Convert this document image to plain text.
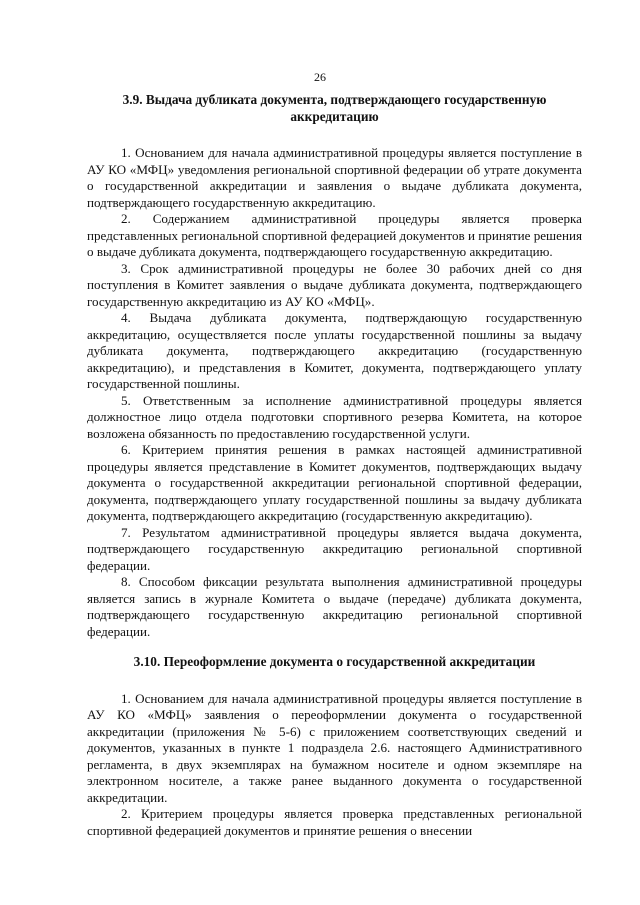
26

3.9. Выдача дубликата документа, подтверждающего государственную аккредитацию

1. Основанием для начала административной процедуры является поступление в АУ КО «МФЦ» уведомления региональной спортивной федерации об утрате документа о государственной аккредитации и заявления о выдаче дубликата документа, подтверждающего государственную аккредитацию.

2. Содержанием административной процедуры является проверка представленных региональной спортивной федерацией документов и принятие решения о выдаче дубликата документа, подтверждающего государственную аккредитацию.

3. Срок административной процедуры не более 30 рабочих дней со дня поступления в Комитет заявления о выдаче дубликата документа, подтверждающего государственную аккредитацию из АУ КО «МФЦ».

4. Выдача дубликата документа, подтверждающую государственную аккредитацию, осуществляется после уплаты государственной пошлины за выдачу дубликата документа, подтверждающего аккредитацию (государственную аккредитацию), и представления в Комитет, документа, подтверждающего уплату государственной пошлины.

5. Ответственным за исполнение административной процедуры является должностное лицо отдела подготовки спортивного резерва Комитета, на которое возложена обязанность по предоставлению государственной услуги.

6. Критерием принятия решения в рамках настоящей административной процедуры является представление в Комитет документов, подтверждающих выдачу документа о государственной аккредитации региональной спортивной федерации, документа, подтверждающего уплату государственной пошлины за выдачу дубликата документа, подтверждающего аккредитацию (государственную аккредитацию).

7. Результатом административной процедуры является выдача документа, подтверждающего государственную аккредитацию региональной спортивной федерации.

8. Способом фиксации результата выполнения административной процедуры является запись в журнале Комитета о выдаче (передаче) дубликата документа, подтверждающего государственную аккредитацию региональной спортивной федерации.

3.10. Переоформление документа о государственной аккредитации

1. Основанием для начала административной процедуры является поступление в АУ КО «МФЦ» заявления о переоформлении документа о государственной аккредитации (приложения № 5-6) с приложением соответствующих сведений и документов, указанных в пункте 1 подраздела 2.6. настоящего Административного регламента, в двух экземплярах на бумажном носителе и одном экземпляре на электронном носителе, а также ранее выданного документа о государственной аккредитации.

2. Критерием процедуры является проверка представленных региональной спортивной федерацией документов и принятие решения о внесении
